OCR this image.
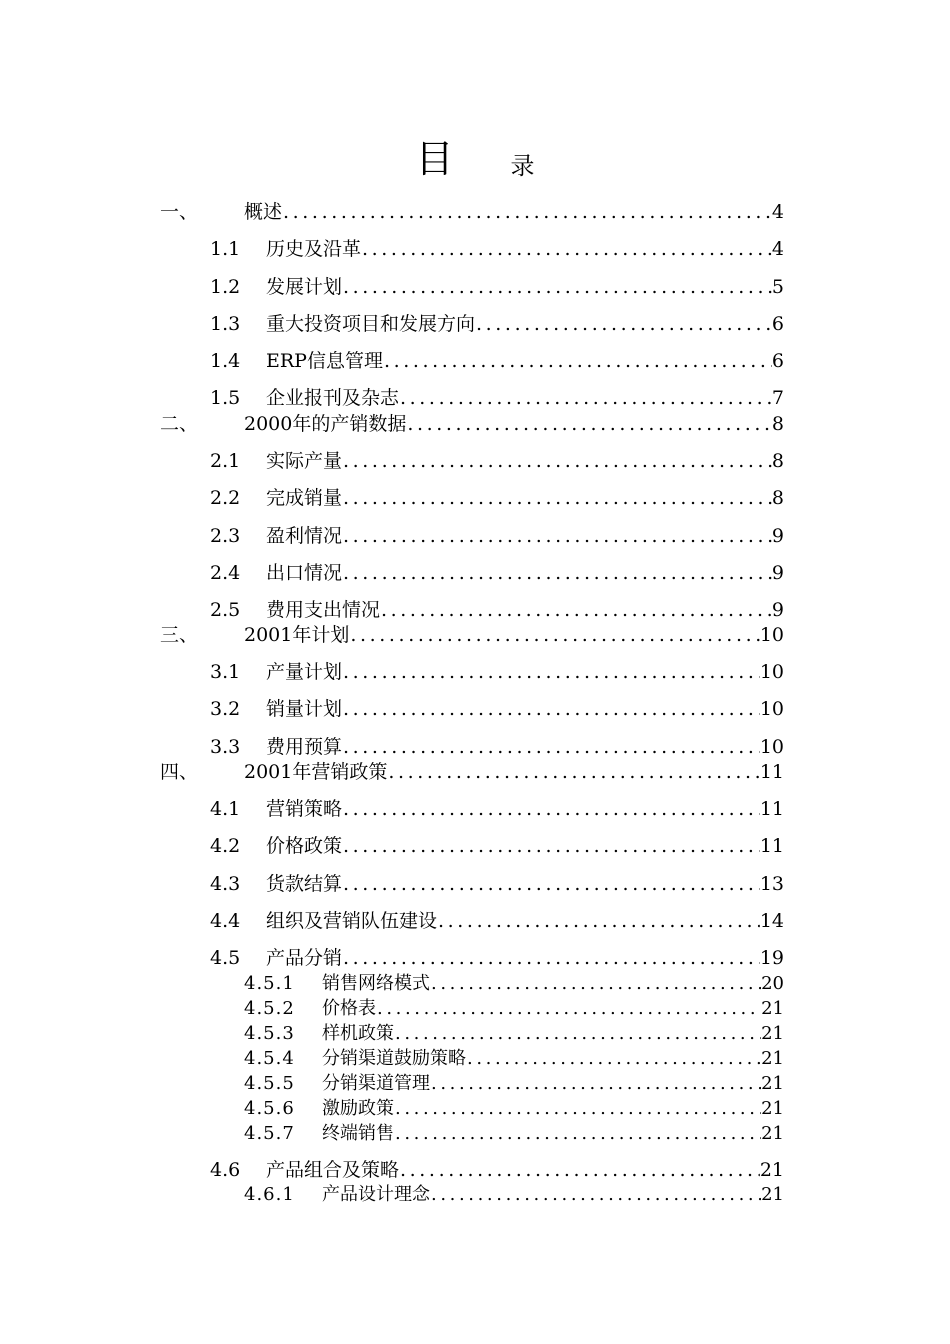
目 录
一、	概述 .....	4
1.1	历史及沿革 .....	4
1.2	发展计划 .....	5
1.3	重大投资项目和发展方向 .....	6
1.4	ERP信息管理 .....	6
1.5	企业报刊及杂志 .....	7
二、	2000年的产销数据 .....	8
2.1	实际产量 .....	8
2.2	完成销量 .....	8
2.3	盈利情况 .....	9
2.4	出口情况 .....	9
2.5	费用支出情况 .....	9
三、	2001年计划 .....	10
3.1	产量计划 .....	10
3.2	销量计划 .....	10
3.3	费用预算 .....	10
四、	2001年营销政策 .....	11
4.1	营销策略 .....	11
4.2	价格政策 .....	11
4.3	货款结算 .....	13
4.4	组织及营销队伍建设 .....	14
4.5	产品分销 .....	19
4.5.1	销售网络模式 .....	20
4.5.2	价格表 .....	21
4.5.3	样机政策 .....	21
4.5.4	分销渠道鼓励策略 .....	21
4.5.5	分销渠道管理 .....	21
4.5.6	激励政策 .....	21
4.5.7	终端销售 .....	21
4.6	产品组合及策略 .....	21
4.6.1	产品设计理念 .....	21
